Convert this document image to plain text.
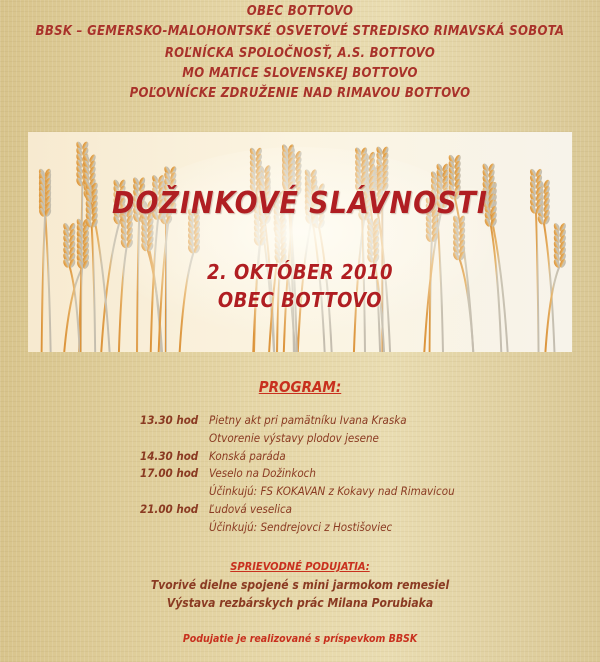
OBEC BOTTOVO
BBSK – GEMERSKO-MALOHONTSKÉ OSVETOVÉ STREDISKO RIMAVSKÁ SOBOTA
ROĽNÍCKA SPOLOČNOSŤ, A.S. BOTTOVO
MO MATICE SLOVENSKEJ BOTTOVO
POĽOVNÍCKE ZDRUŽENIE NAD RIMAVOU BOTTOVO
DOŽINKOVÉ SLÁVNOSTI
2. OKTÓBER 2010
OBEC BOTTOVO
PROGRAM:
13.30 hod Pietny akt pri pamätníku Ivana Kraska
Otvorenie výstavy plodov jesene
14.30 hod Konská paráda
17.00 hod Veselo na Dožinkoch
Účinkujú: FS KOKAVAN z Kokavy nad Rimavicou
21.00 hod Ľudová veselica
Účinkujú: Sendrejovci z Hostišoviec
SPRIEVODNÉ PODUJATIA:
Tvorivé dielne spojené s mini jarmokom remesiel
Výstava rezbárskych prác Milana Porubiaka
Podujatie je realizované s príspevkom BBSK
